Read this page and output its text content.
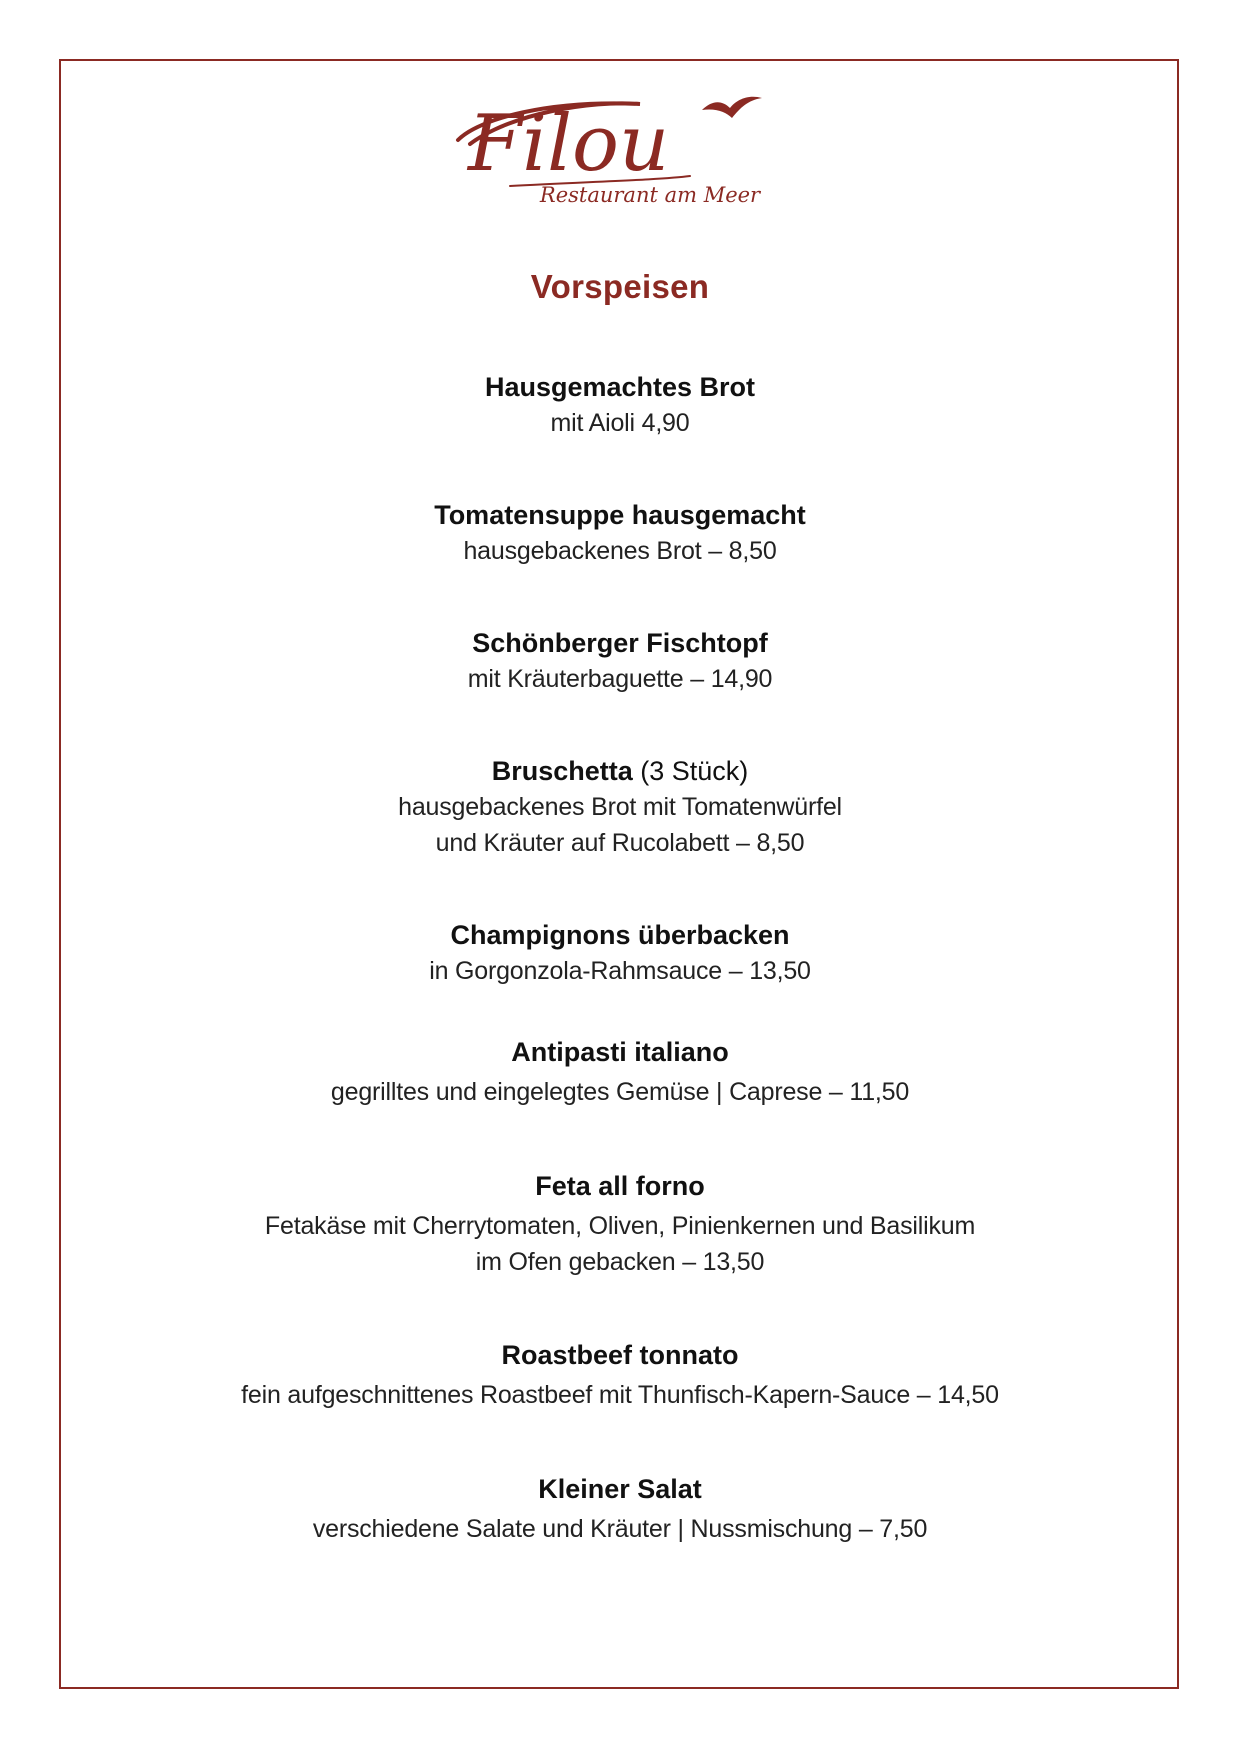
Filou
Restaurant am Meer
Vorspeisen
Hausgemachtes Brot
mit Aioli 4,90
Tomatensuppe hausgemacht
hausgebackenes Brot – 8,50
Schönberger Fischtopf
mit Kräuterbaguette – 14,90
Bruschetta (3 Stück)
hausgebackenes Brot mit Tomatenwürfel
und Kräuter auf Rucolabett – 8,50
Champignons überbacken
in Gorgonzola-Rahmsauce – 13,50
Antipasti italiano
gegrilltes und eingelegtes Gemüse | Caprese – 11,50
Feta all forno
Fetakäse mit Cherrytomaten, Oliven, Pinienkernen und Basilikum
im Ofen gebacken – 13,50
Roastbeef tonnato
fein aufgeschnittenes Roastbeef mit Thunfisch-Kapern-Sauce – 14,50
Kleiner Salat
verschiedene Salate und Kräuter | Nussmischung – 7,50
